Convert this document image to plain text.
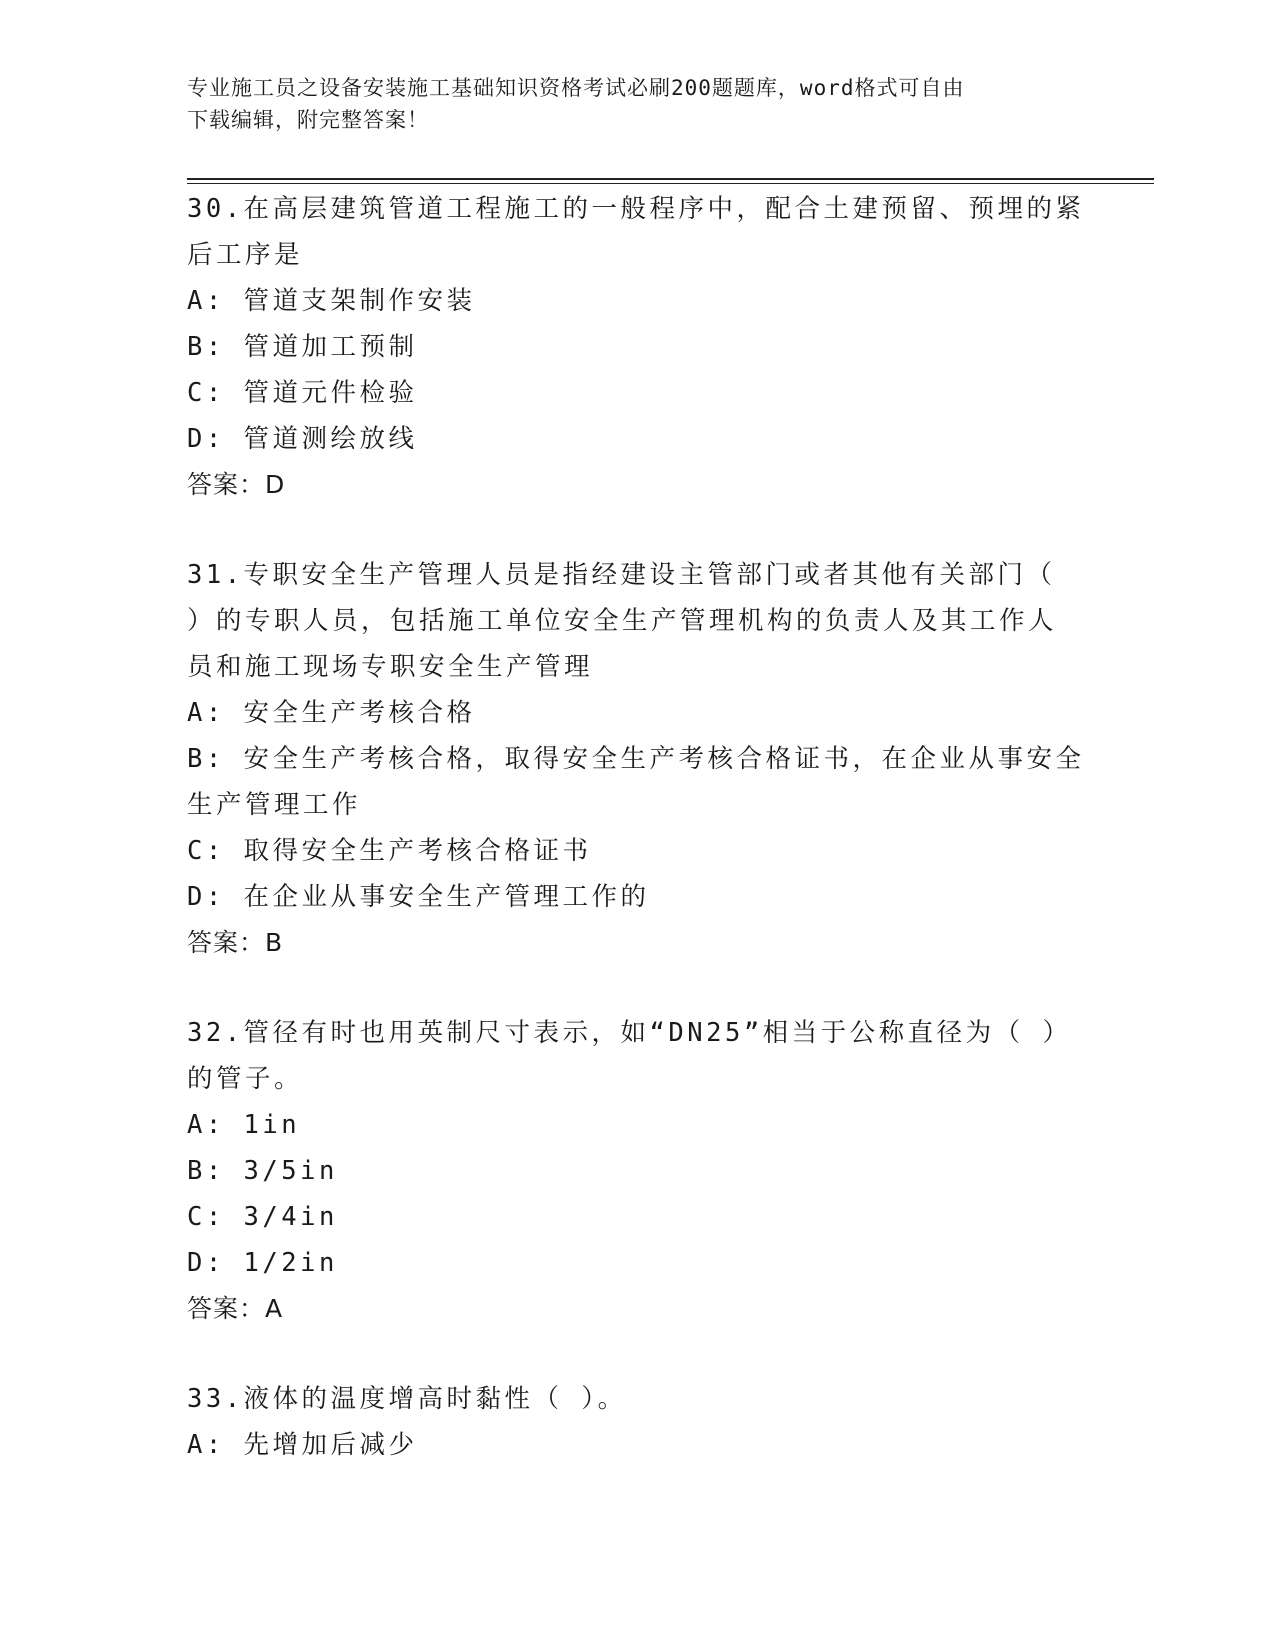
专业施工员之设备安装施工基础知识资格考试必刷200题题库，word格式可自由
下载编辑，附完整答案！
30.在高层建筑管道工程施工的一般程序中，配合土建预留、预埋的紧
后工序是
A: 管道支架制作安装
B: 管道加工预制
C: 管道元件检验
D: 管道测绘放线
答案：D
31.专职安全生产管理人员是指经建设主管部门或者其他有关部门（
）的专职人员，包括施工单位安全生产管理机构的负责人及其工作人
员和施工现场专职安全生产管理
A: 安全生产考核合格
B: 安全生产考核合格，取得安全生产考核合格证书，在企业从事安全
生产管理工作
C: 取得安全生产考核合格证书
D: 在企业从事安全生产管理工作的
答案：B
32.管径有时也用英制尺寸表示，如“DN25”相当于公称直径为（ ）
的管子。
A: 1in
B: 3/5in
C: 3/4in
D: 1/2in
答案：A
33.液体的温度增高时黏性（ ）。
A: 先增加后减少
